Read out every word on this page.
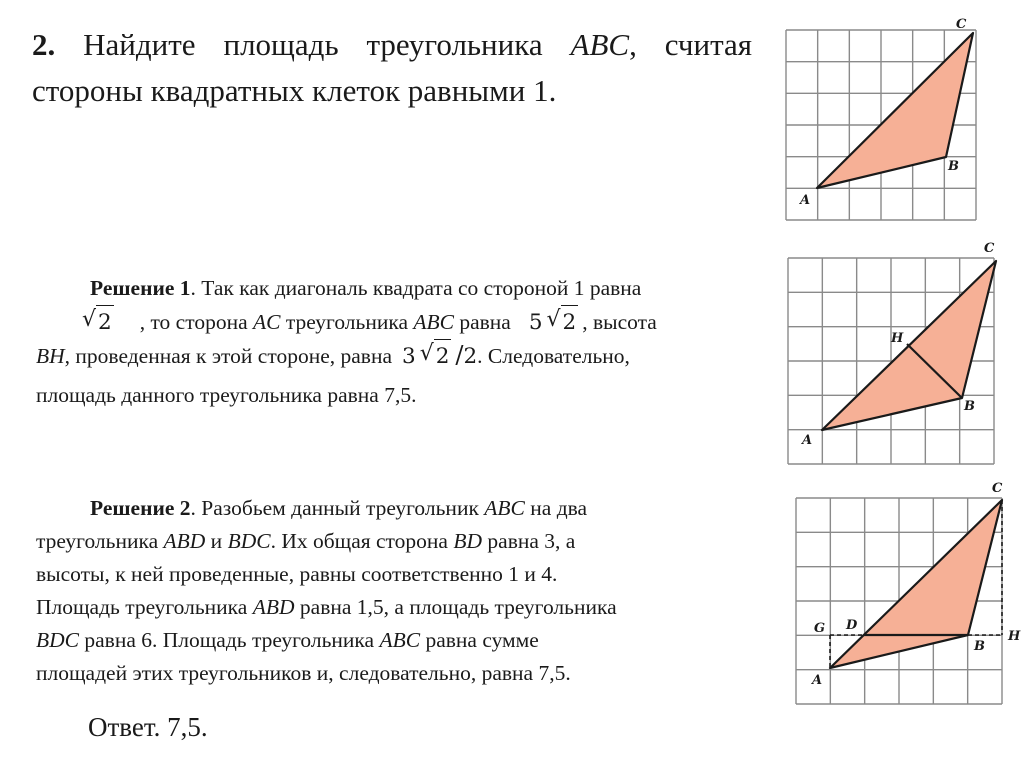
2. Найдите площадь треугольника ABC, считая стороны квадратных клеток равными 1.
Решение 1. Так как диагональ квадрата со стороной 1 равна

√ 2 , то сторона AC треугольника ABC равна 5 √ 2 , высота
BH, проведенная к этой стороне, равна 3 √ 2 /2. Следовательно,

площадь данного треугольника равна 7,5.
Решение 2. Разобьем данный треугольник ABC на два
треугольника ABD и BDC. Их общая сторона BD равна 3, а
высоты, к ней проведенные, равны соответственно 1 и 4.
Площадь треугольника ABD равна 1,5, а площадь треугольника
BDC равна 6. Площадь треугольника ABC равна сумме
площадей этих треугольников и, следовательно, равна 7,5.
Ответ. 7,5.
C
B
A
C
H
B
A
C
G D
B
H
A
